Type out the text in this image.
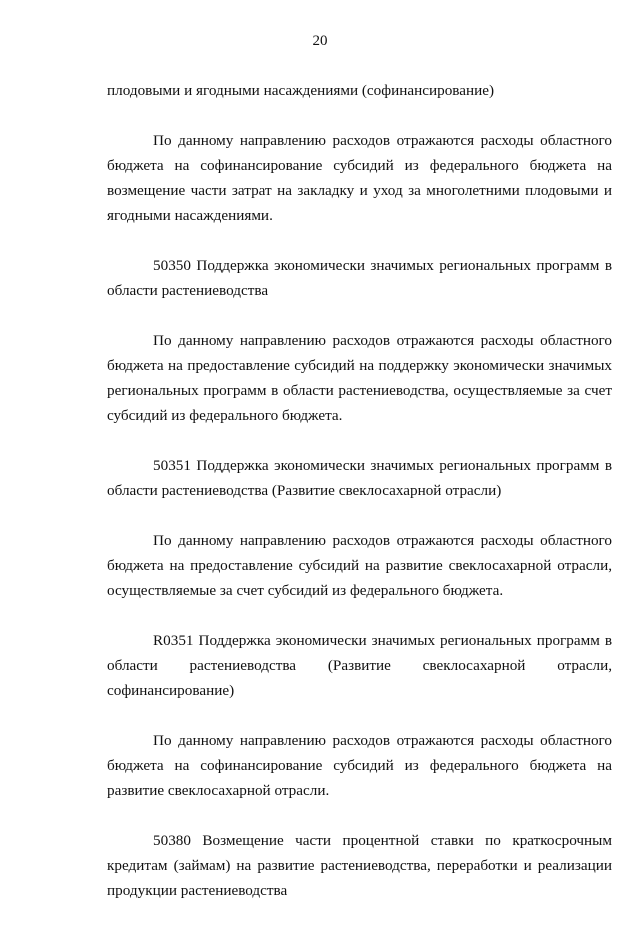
20

плодовыми и ягодными насаждениями (софинансирование)

По данному направлению расходов отражаются расходы областного бюджета на софинансирование субсидий из федерального бюджета на возмещение части затрат на закладку и уход за многолетними плодовыми и ягодными насаждениями.

50350 Поддержка экономически значимых региональных программ в области растениеводства

По данному направлению расходов отражаются расходы областного бюджета на предоставление субсидий на поддержку экономически значимых региональных программ в области растениеводства, осуществляемые за счет субсидий из федерального бюджета.

50351 Поддержка экономически значимых региональных программ в области растениеводства (Развитие свеклосахарной отрасли)

По данному направлению расходов отражаются расходы областного бюджета на предоставление субсидий на развитие свеклосахарной отрасли, осуществляемые за счет субсидий из федерального бюджета.

R0351 Поддержка экономически значимых региональных программ в области растениеводства (Развитие свеклосахарной отрасли, софинансирование)

По данному направлению расходов отражаются расходы областного бюджета на софинансирование субсидий из федерального бюджета на развитие свеклосахарной отрасли.

50380 Возмещение части процентной ставки по краткосрочным кредитам (займам) на развитие растениеводства, переработки и реализации продукции растениеводства
